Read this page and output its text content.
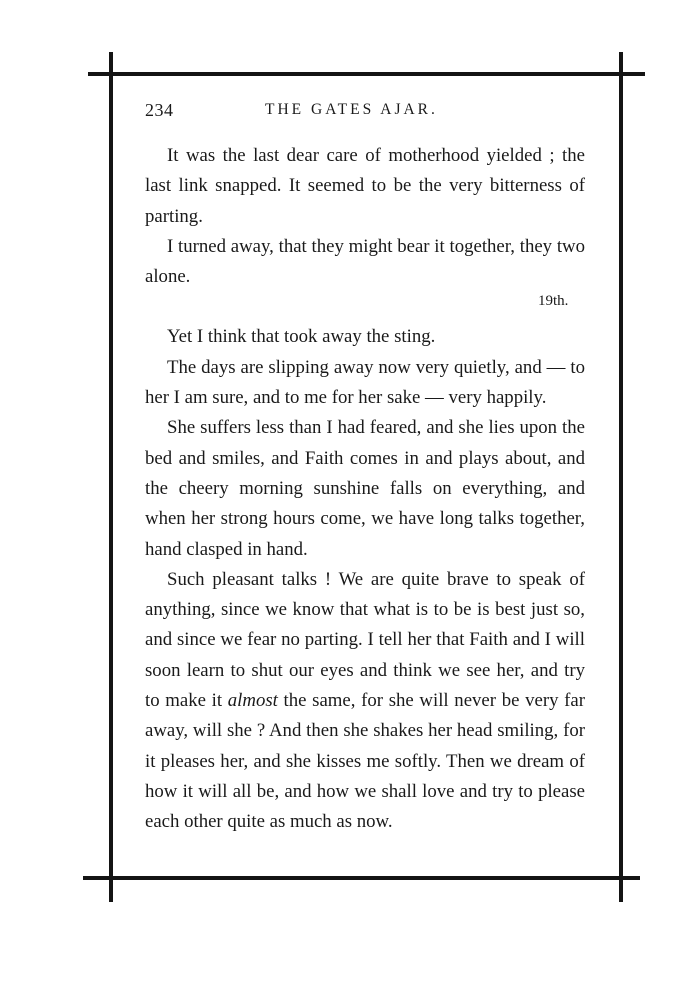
234	THE GATES AJAR.
19th.

It was the last dear care of motherhood yielded ; the last link snapped. It seemed to be the very bitterness of parting.

I turned away, that they might bear it together, they two alone.

Yet I think that took away the sting.

The days are slipping away now very quietly, and — to her I am sure, and to me for her sake — very happily.

She suffers less than I had feared, and she lies upon the bed and smiles, and Faith comes in and plays about, and the cheery morning sunshine falls on everything, and when her strong hours come, we have long talks together, hand clasped in hand.

Such pleasant talks ! We are quite brave to speak of anything, since we know that what is to be is best just so, and since we fear no parting. I tell her that Faith and I will soon learn to shut our eyes and think we see her, and try to make it almost the same, for she will never be very far away, will she ? And then she shakes her head smiling, for it pleases her, and she kisses me softly. Then we dream of how it will all be, and how we shall love and try to please each other quite as much as now.
